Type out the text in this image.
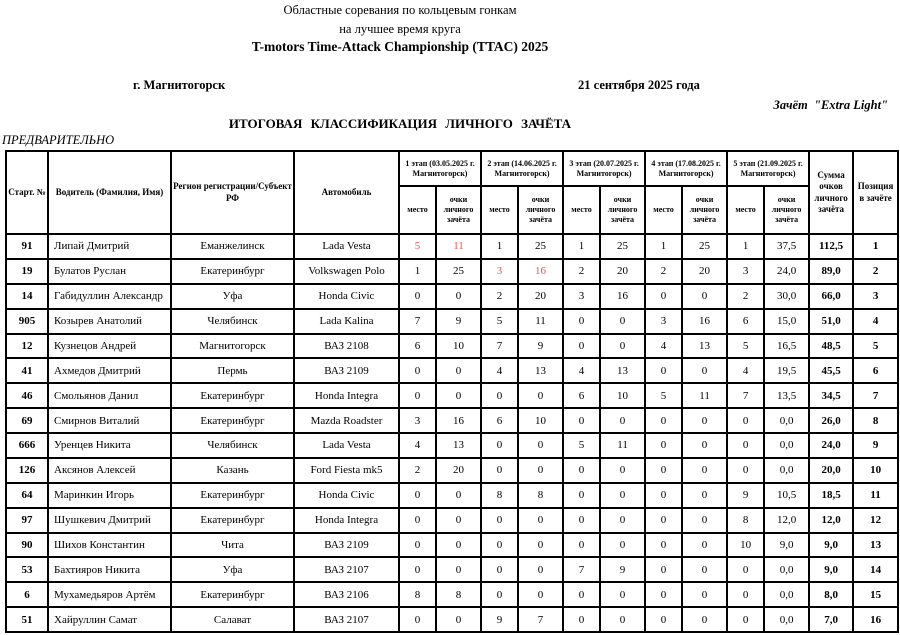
Областные соревания по кольцевым гонкам
на лучшее время круга
T-motors Time-Attack Championship (TTAC) 2025
г. Магнитогорск	21 сентября 2025 года
Зачёт  "Extra Light"
ИТОГОВАЯ КЛАССИФИКАЦИЯ ЛИЧНОГО ЗАЧЁТА
ПРЕДВАРИТЕЛЬНО
Старт. №	Водитель (Фамилия, Имя)	Регион регистрации/Субъект РФ	Автомобиль	1 этап (03.05.2025 г. Магнитогорск)		2 этап (14.06.2025 г. Магнитогорск)		3 этап (20.07.2025 г. Магнитогорск)		4 этап (17.08.2025 г. Магнитогорск)		5 этап (21.09.2025 г. Магнитогорск)		Сумма очков личного зачёта	Позиция в зачёте
				место	очки личного зачёта	место	очки личного зачёта	место	очки личного зачёта	место	очки личного зачёта	место	очки личного зачёта		
91	Липай Дмитрий	Еманжелинск	Lada Vesta	5	11	1	25	1	25	1	25	1	37,5	112,5	1
19	Булатов Руслан	Екатеринбург	Volkswagen Polo	1	25	3	16	2	20	2	20	3	24,0	89,0	2
14	Габидуллин Александр	Уфа	Honda Civic	0	0	2	20	3	16	0	0	2	30,0	66,0	3
905	Козырев Анатолий	Челябинск	Lada Kalina	7	9	5	11	0	0	3	16	6	15,0	51,0	4
12	Кузнецов Андрей	Магнитогорск	ВАЗ 2108	6	10	7	9	0	0	4	13	5	16,5	48,5	5
41	Ахмедов Дмитрий	Пермь	ВАЗ 2109	0	0	4	13	4	13	0	0	4	19,5	45,5	6
46	Смольянов Данил	Екатеринбург	Honda Integra	0	0	0	0	6	10	5	11	7	13,5	34,5	7
69	Смирнов Виталий	Екатеринбург	Mazda Roadster	3	16	6	10	0	0	0	0	0	0,0	26,0	8
666	Уренцев Никита	Челябинск	Lada Vesta	4	13	0	0	5	11	0	0	0	0,0	24,0	9
126	Аксянов Алексей	Казань	Ford Fiesta mk5	2	20	0	0	0	0	0	0	0	0,0	20,0	10
64	Маринкин Игорь	Екатеринбург	Honda Civic	0	0	8	8	0	0	0	0	9	10,5	18,5	11
97	Шушкевич Дмитрий	Екатеринбург	Honda Integra	0	0	0	0	0	0	0	0	8	12,0	12,0	12
90	Шихов Константин	Чита	ВАЗ 2109	0	0	0	0	0	0	0	0	10	9,0	9,0	13
53	Бахтияров Никита	Уфа	ВАЗ 2107	0	0	0	0	7	9	0	0	0	0,0	9,0	14
6	Мухамедьяров Артём	Екатеринбург	ВАЗ 2106	8	8	0	0	0	0	0	0	0	0,0	8,0	15
51	Хайруллин Самат	Салават	ВАЗ 2107	0	0	9	7	0	0	0	0	0	0,0	7,0	16
